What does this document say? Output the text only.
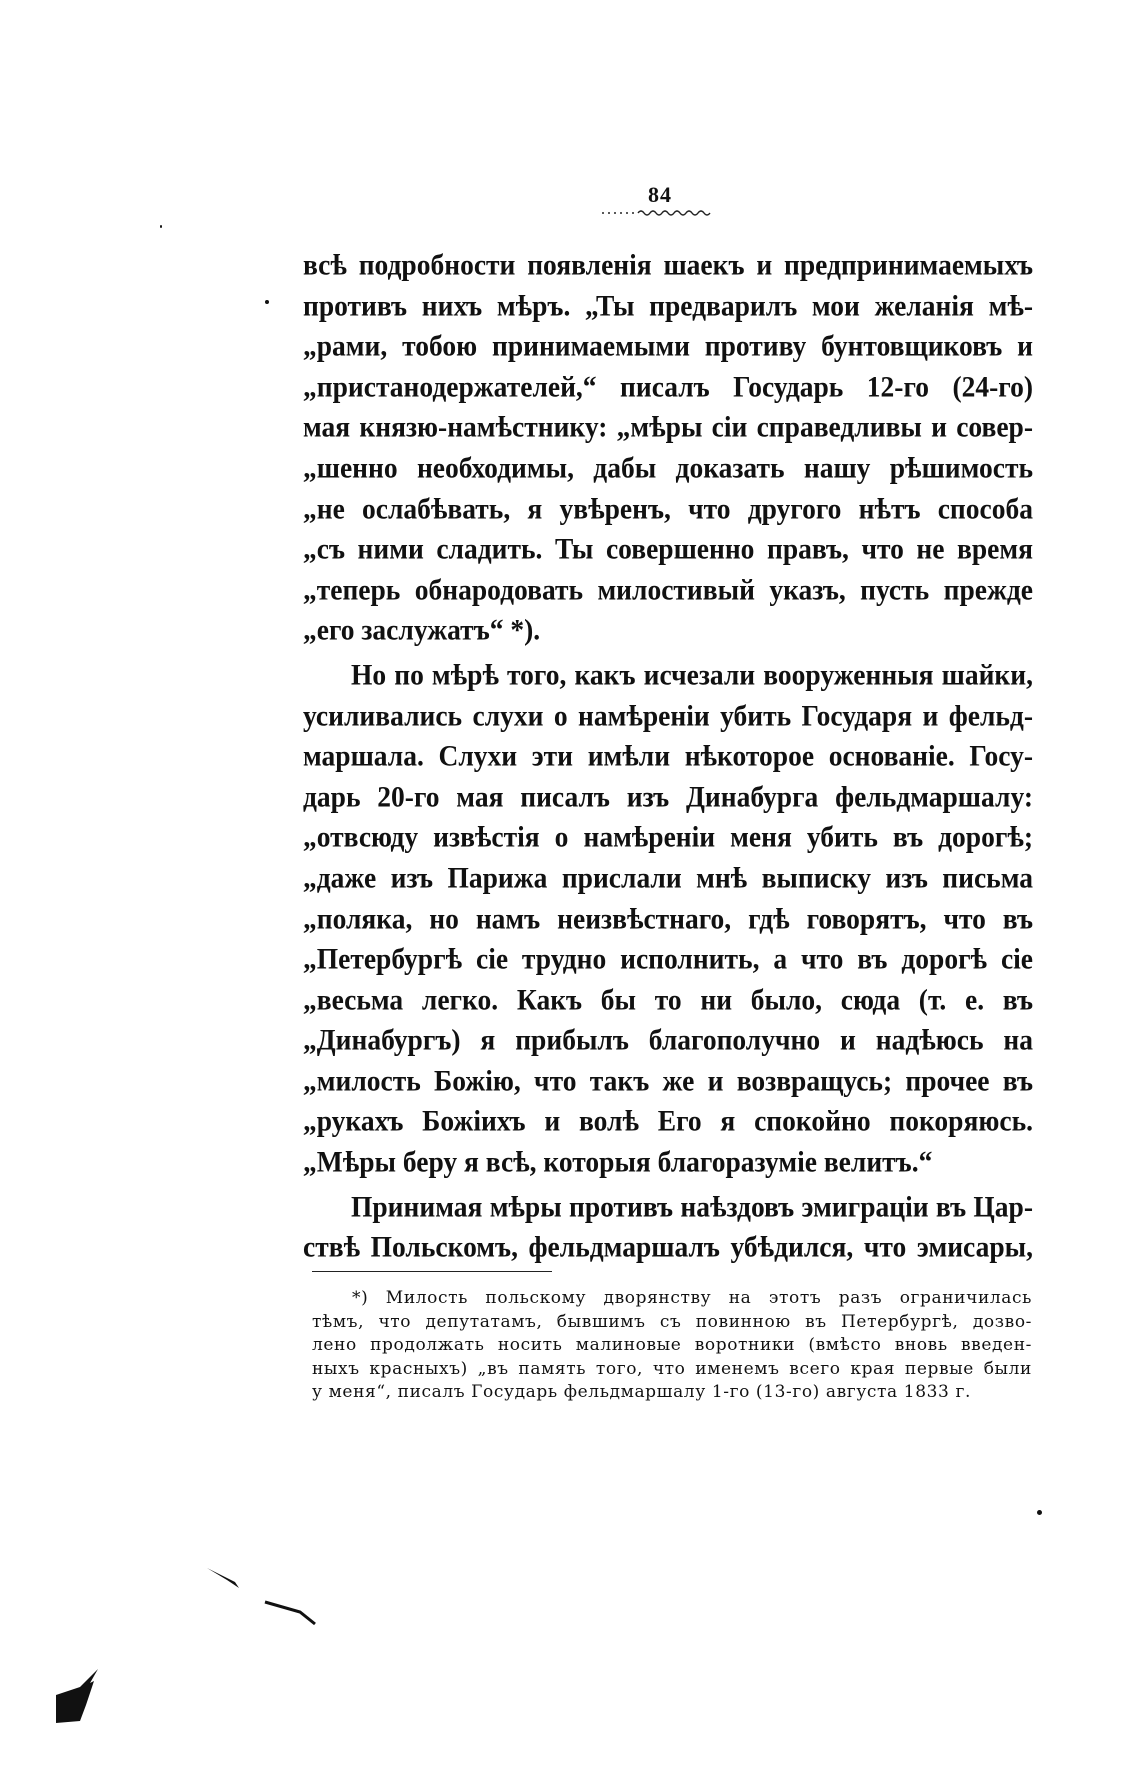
84
всѣ подробности появленія шаекъ и предпринимаемыхъ
противъ нихъ мѣръ. „Ты предварилъ мои желанія мѣ-
„рами, тобою принимаемыми противу бунтовщиковъ и
„пристанодержателей,“ писалъ Государь 12-го (24-го)
мая князю-намѣстнику: „мѣры сіи справедливы и совер-
„шенно необходимы, дабы доказать нашу рѣшимость
„не ослабѣвать, я увѣренъ, что другого нѣтъ способа
„съ ними сладить. Ты совершенно правъ, что не время
„теперь обнародовать милостивый указъ, пусть прежде
„его заслужатъ“ *).
Но по мѣрѣ того, какъ исчезали вооруженныя шайки,
усиливались слухи о намѣреніи убить Государя и фельд-
маршала. Слухи эти имѣли нѣкоторое основаніе. Госу-
дарь 20-го мая писалъ изъ Динабурга фельдмаршалу:
„отвсюду извѣстія о намѣреніи меня убить въ дорогѣ;
„даже изъ Парижа прислали мнѣ выписку изъ письма
„поляка, но намъ неизвѣстнаго, гдѣ говорятъ, что въ
„Петербургѣ сіе трудно исполнить, а что въ дорогѣ сіе
„весьма легко. Какъ бы то ни было, сюда (т. е. въ
„Динабургъ) я прибылъ благополучно и надѣюсь на
„милость Божію, что такъ же и возвращусь; прочее въ
„рукахъ Божіихъ и волѣ Его я спокойно покоряюсь.
„Мѣры беру я всѣ, которыя благоразуміе велитъ.“
Принимая мѣры противъ наѣздовъ эмиграціи въ Цар-
ствѣ Польскомъ, фельдмаршалъ убѣдился, что эмисары,
*) Милость польскому дворянству на этотъ разъ ограничилась
тѣмъ, что депутатамъ, бывшимъ съ повинною въ Петербургѣ, дозво-
лено продолжать носить малиновые воротники (вмѣсто вновь введен-
ныхъ красныхъ) „въ память того, что именемъ всего края первые были
у меня“, писалъ Государь фельдмаршалу 1-го (13-го) августа 1833 г.
